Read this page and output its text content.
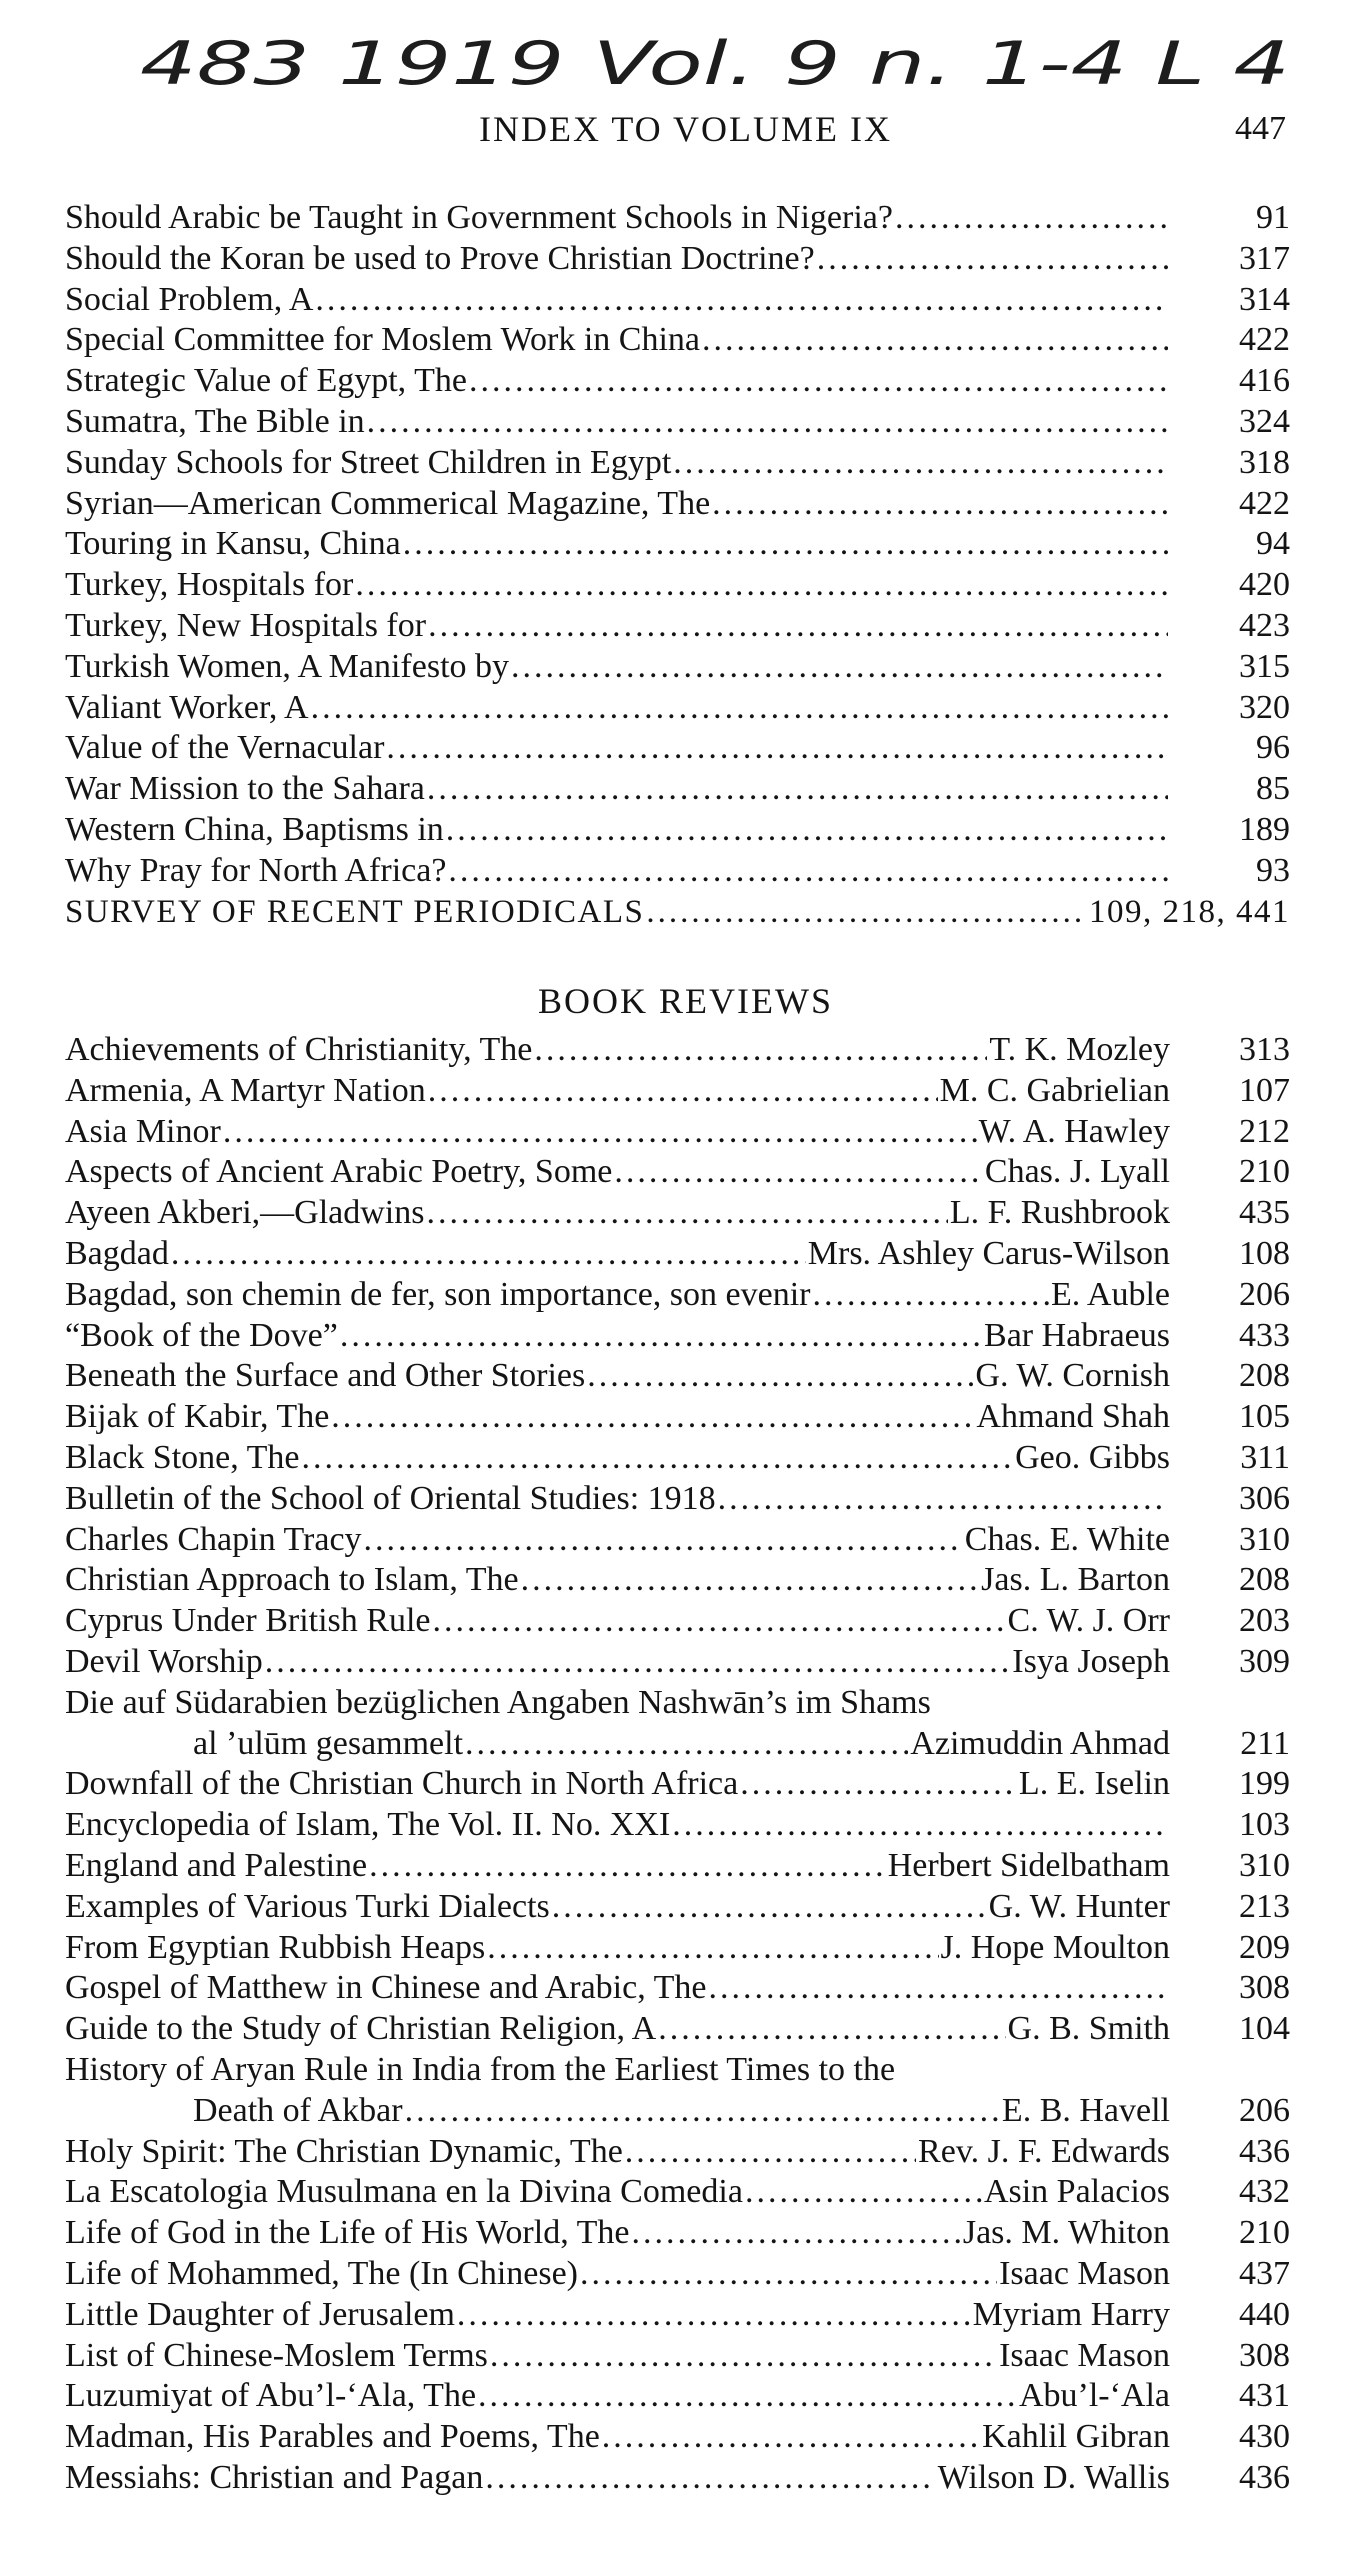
483 1919 Vol. 9 n. 1-4 L 4
INDEX TO VOLUME IX	447
Should Arabic be Taught in Government Schools in Nigeria? .....	91
Should the Koran be used to Prove Christian Doctrine? .....	317
Social Problem, A .....	314
Special Committee for Moslem Work in China .....	422
Strategic Value of Egypt, The .....	416
Sumatra, The Bible in .....	324
Sunday Schools for Street Children in Egypt .....	318
Syrian—American Commerical Magazine, The .....	422
Touring in Kansu, China .....	94
Turkey, Hospitals for .....	420
Turkey, New Hospitals for .....	423
Turkish Women, A Manifesto by .....	315
Valiant Worker, A .....	320
Value of the Vernacular .....	96
War Mission to the Sahara .....	85
Western China, Baptisms in .....	189
Why Pray for North Africa? .....	93
SURVEY OF RECENT PERIODICALS .....	109, 218, 441
BOOK REVIEWS
Achievements of Christianity, The .....	T. K. Mozley	313
Armenia, A Martyr Nation .....	M. C. Gabrielian	107
Asia Minor .....	W. A. Hawley	212
Aspects of Ancient Arabic Poetry, Some .....	Chas. J. Lyall	210
Ayeen Akberi,—Gladwins .....	L. F. Rushbrook	435
Bagdad .....	Mrs. Ashley Carus-Wilson	108
Bagdad, son chemin de fer, son importance, son evenir .....	E. Auble	206
“Book of the Dove” .....	Bar Habraeus	433
Beneath the Surface and Other Stories .....	G. W. Cornish	208
Bijak of Kabir, The .....	Ahmand Shah	105
Black Stone, The .....	Geo. Gibbs	311
Bulletin of the School of Oriental Studies: 1918 .....	306
Charles Chapin Tracy .....	Chas. E. White	310
Christian Approach to Islam, The .....	Jas. L. Barton	208
Cyprus Under British Rule .....	C. W. J. Orr	203
Devil Worship .....	Isya Joseph	309
Die auf Südarabien bezüglichen Angaben Nashwān’s im Shams
al ’ulūm gesammelt .....	Azimuddin Ahmad	211
Downfall of the Christian Church in North Africa .....	L. E. Iselin	199
Encyclopedia of Islam, The Vol. II. No. XXI .....	103
England and Palestine .....	Herbert Sidelbatham	310
Examples of Various Turki Dialects .....	G. W. Hunter	213
From Egyptian Rubbish Heaps .....	J. Hope Moulton	209
Gospel of Matthew in Chinese and Arabic, The .....	308
Guide to the Study of Christian Religion, A .....	G. B. Smith	104
History of Aryan Rule in India from the Earliest Times to the
Death of Akbar .....	E. B. Havell	206
Holy Spirit: The Christian Dynamic, The .....	Rev. J. F. Edwards	436
La Escatologia Musulmana en la Divina Comedia .....	Asin Palacios	432
Life of God in the Life of His World, The .....	Jas. M. Whiton	210
Life of Mohammed, The (In Chinese) .....	Isaac Mason	437
Little Daughter of Jerusalem .....	Myriam Harry	440
List of Chinese-Moslem Terms .....	Isaac Mason	308
Luzumiyat of Abu’l-‘Ala, The .....	Abu’l-‘Ala	431
Madman, His Parables and Poems, The .....	Kahlil Gibran	430
Messiahs: Christian and Pagan .....	Wilson D. Wallis	436
